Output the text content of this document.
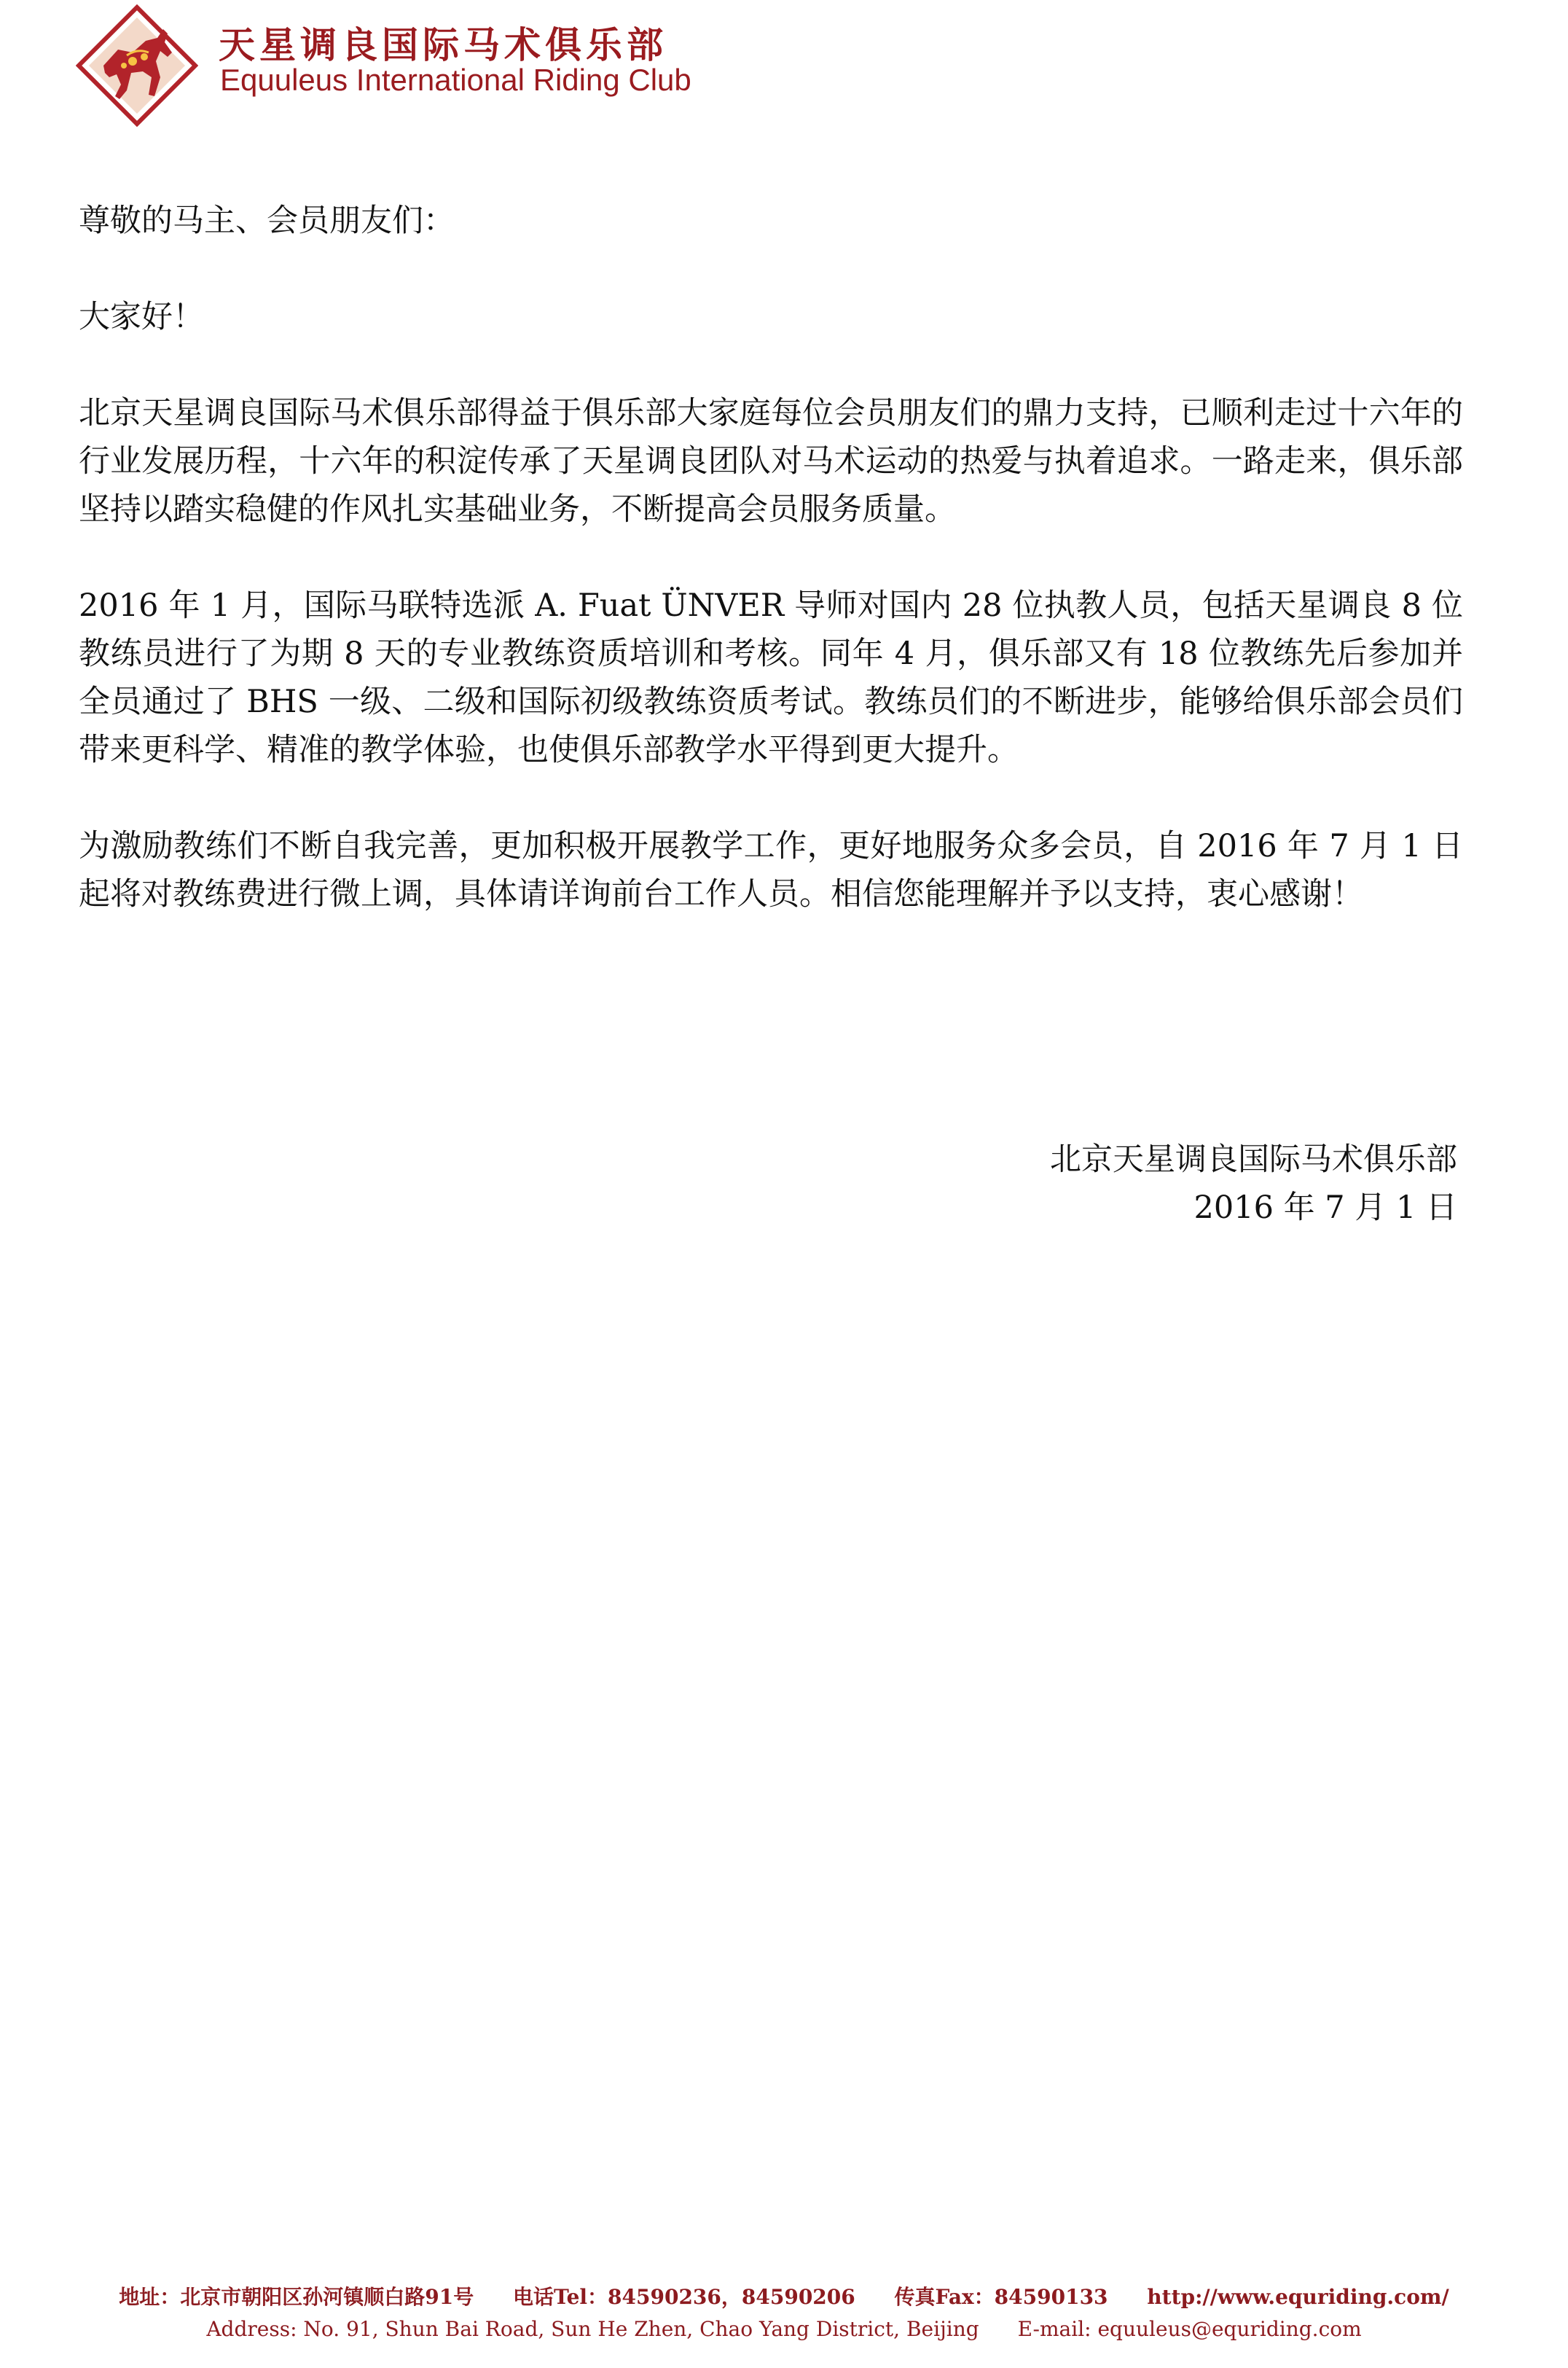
天星调良国际马术俱乐部
Equuleus International Riding Club

尊敬的马主、会员朋友们：

大家好！

北京天星调良国际马术俱乐部得益于俱乐部大家庭每位会员朋友们的鼎力支持，已顺利走过十六年的行业发展历程，十六年的积淀传承了天星调良团队对马术运动的热爱与执着追求。一路走来，俱乐部坚持以踏实稳健的作风扎实基础业务，不断提高会员服务质量。

2016 年 1 月，国际马联特选派 A. Fuat ÜNVER 导师对国内 28 位执教人员，包括天星调良 8 位教练员进行了为期 8 天的专业教练资质培训和考核。同年 4 月，俱乐部又有 18 位教练先后参加并全员通过了 BHS 一级、二级和国际初级教练资质考试。教练员们的不断进步，能够给俱乐部会员们带来更科学、精准的教学体验，也使俱乐部教学水平得到更大提升。

为激励教练们不断自我完善，更加积极开展教学工作，更好地服务众多会员，自 2016 年 7 月 1 日起将对教练费进行微上调，具体请详询前台工作人员。相信您能理解并予以支持，衷心感谢！

北京天星调良国际马术俱乐部
2016 年 7 月 1 日
地址：北京市朝阳区孙河镇顺白路91号 电话Tel：84590236，84590206 传真Fax：84590133 http://www.equriding.com/
Address: No. 91, Shun Bai Road, Sun He Zhen, Chao Yang District, Beijing E-mail: equuleus@equriding.com
